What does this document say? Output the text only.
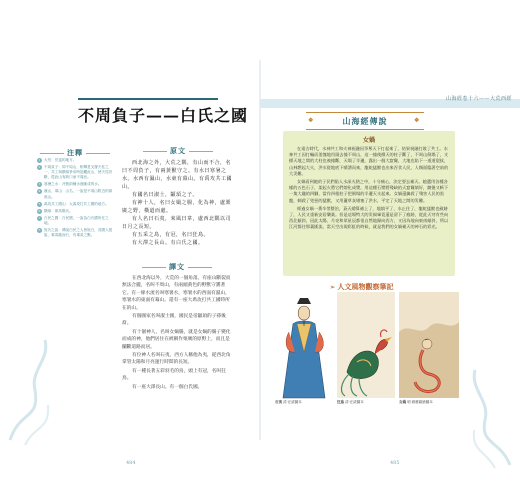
不周負子——白氏之國
注釋
1 大荒：荒遠的地方。
2 不周負子：即不周山，相傳是支撐天柱之一，共工與顓頊爭帝時怒觸此山，使天柱折斷，從此山有缺口而不周匝。
3 寒暑之水：冷熱兩種水流匯成的水。
4 濕山、幕山：山名，一說是不周山附近的兩座山。
5 禹攻共工國山：大禹攻打共工國的地方。
6 顓頊：即高陽氏。
7 白民之國：白民國，一說為白氏國所在之地。
8 姓氏之說：傳說白民之人皆姓白，其國人披髮，乘黃龍而行，有乘黃之獸。
原文

西北海之外，大荒之隅，有山而不合，名曰不周負子，有兩黃獸守之。有水曰寒暑之水。水西有濕山，水東有幕山。有禹攻共工國山。

有國名曰淑士，顓頊之子。

有神十人，名曰女媧之腸，化為神，處栗廣之野，橫道而處。

有人名曰石夷，來風曰韋，處西北隅以司日月之長短。

有五采之鳥，有冠，名曰狂鳥。

有大澤之長山。有白氏之國。

譯文

在西北海以外，大荒的一個角落，有座山斷裂而無法合攏，名叫不周山，有兩頭黃色的野獸守護著它。有一條水流名叫寒暑水，寒暑水的西面有濕山，寒暑水的東面有幕山。還有一座大禹攻打共工國時所在的山。

有個國家名叫淑士國，國民是帝顓頊的子孫後裔。

有十個神人，名叫女媧腸，就是女媧的腸子變化而成的神，他們居住在被稱作栗廣的原野上，而且是攔斷道路而居。

有位神人名叫石夷，西方人稱他為夷，從西北角掌管太陽和月亮運行時間的長短。

有一種長著五彩羽毛的鳥，頭上有冠，名叫狂鳥。

有一座大澤長山。有一個白氏國。

484
山海經卷十六——大荒西經
❖	山海經傳說	❖
女媧

在遠古時代，水神共工和火神祝融因爭奪天下打起來了，結果祝融打敗了共工。水神共工因打輸而羞愧地用頭去撞不周山，這一撞使撐天的柱子斷了，不周山倒塌了，支撐天地之間的大柱也被撞斷，天塌了半邊，露出一個大窟窿，大地也陷下一道道裂紋，山林燃起大火，洪水從地底下噴湧而來，龍蛇猛獸也出來吞食人民，人類面臨著空前的大災難。

女媧看到她的子民們陷入水深火熱之中，十分痛心，決定要去補天。她選用各種各樣的五色石子，架起火將它們熔化成漿，用這種石漿將殘缺的天窟窿填好，隨後又斬下一隻大龜的四腳，當作四根柱子把倒塌的半邊天支起來。女媧還擒殺了殘害人民的黑龍，刺殺了兇惡的猛獸，又用蘆草灰堵塞了洪水，平定了天地之間的災難。

經過女媧一番辛勞整治，蒼天總算補上了，地填平了，水止住了，龍蛇猛獸也斂跡了，人民又重新安居樂業。但是這場特大的災禍畢竟還是留下了痕跡，從此天穹有些向西北傾斜，因此太陽、月亮和眾星辰都很自然地歸向西方，又因為地向東南傾斜，所以江河都往那裏匯流。當天空出現彩虹的時候，就是我們的女媧補天的神石的彩光。

➢ 人文風物觀察筆記
石夷 清·汪紱圖本	狂鳥 清·汪紱圖本	女媧 明·蔣應鎬繪圖本
485
